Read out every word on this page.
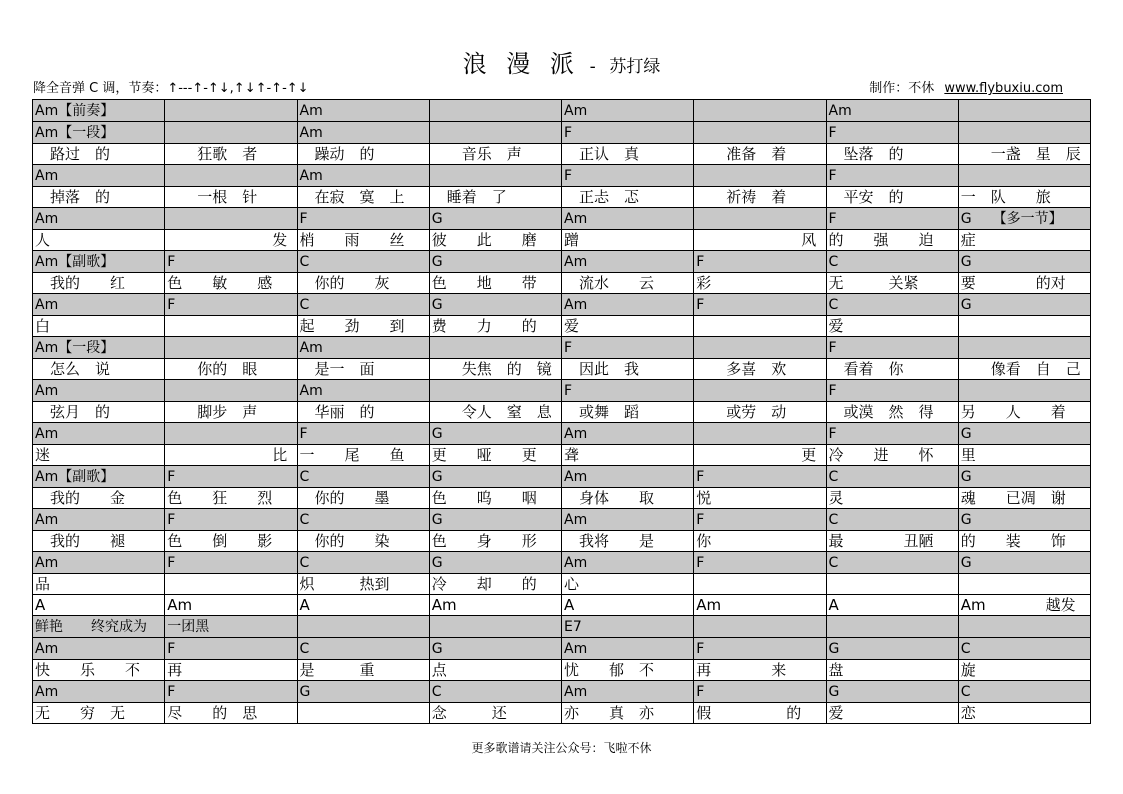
浪 漫 派 - 苏打绿
降全音弹 C 调，节奏：↑---↑-↑↓,↑↓↑-↑-↑↓	制作：不休 www.flybuxiu.com
Am【前奏】		Am		Am		Am	
Am【一段】		Am		F		F	
　路过　的	　　狂歌　者	　躁动　的	　　音乐　声	　正认　真	　　准备　着	　坠落　的	　　一盏　星　辰
Am		Am		F		F	
　掉落　的	　　一根　针	　在寂　寞　上	　睡着　了	　正忐　忑	　　祈祷　着	　平安　的	一　队　　旅
Am		F	G	Am		F	G　　【多一节】
人	　　　　　　　发	梢　　雨　　丝	彼　　此　　磨	蹭	　　　　　　　风	的　　强　　迫	症
Am【副歌】	F	C	G	Am	F	C	G
　我的　　红	色　　敏　　感	　你的　　灰	色　　地　　带	　流水　　云	彩	无　　　关紧	要　　　　的对
Am	F	C	G	Am	F	C	G
白		起　　劲　　到	费　　力　　的	爱		爱	
Am【一段】		Am		F		F	
　怎么　说	　　你的　眼	　是一　面	　　失焦　的　镜	　因此　我	　　多喜　欢	　看着　你	　　像看　自　己
Am		Am		F		F	
　弦月　的	　　脚步　声	　华丽　的	　　令人　窒　息	　或舞　蹈	　　或劳　动	　或漠　然　得	另　　人　　着
Am		F	G	Am		F	G
迷	　　　　　　　比	一　　尾　　鱼	更　　哑　　更	聋	　　　　　　　更	冷　　进　　怀	里
Am【副歌】	F	C	G	Am	F	C	G
　我的　　金	色　　狂　　烈	　你的　　墨	色　　呜　　咽	　身体　　取	悦	灵	魂　　已凋　谢
Am	F	C	G	Am	F	C	G
　我的　　褪	色　　倒　　影	　你的　　染	色　　身　　形	　我将　　是	你	最　　　　丑陋	的　　装　　饰
Am	F	C	G	Am	F	C	G
品		炽　　　热到	冷　　却　　的	心			
A	Am	A	Am	A	Am	A	Am　　　　越发
鲜艳　　终究成为	一团黑			E7			
Am	F	C	G	Am	F	G	C
快　　乐　　不	再	是　　　重	点	忧　　郁　不	再　　　　来	盘	旋
Am	F	G	C	Am	F	G	C
无　　穷　无	尽　　的　思		念　　　还	亦　　真　亦	假　　　　　的	爱	恋
更多歌谱请关注公众号：飞啦不休
